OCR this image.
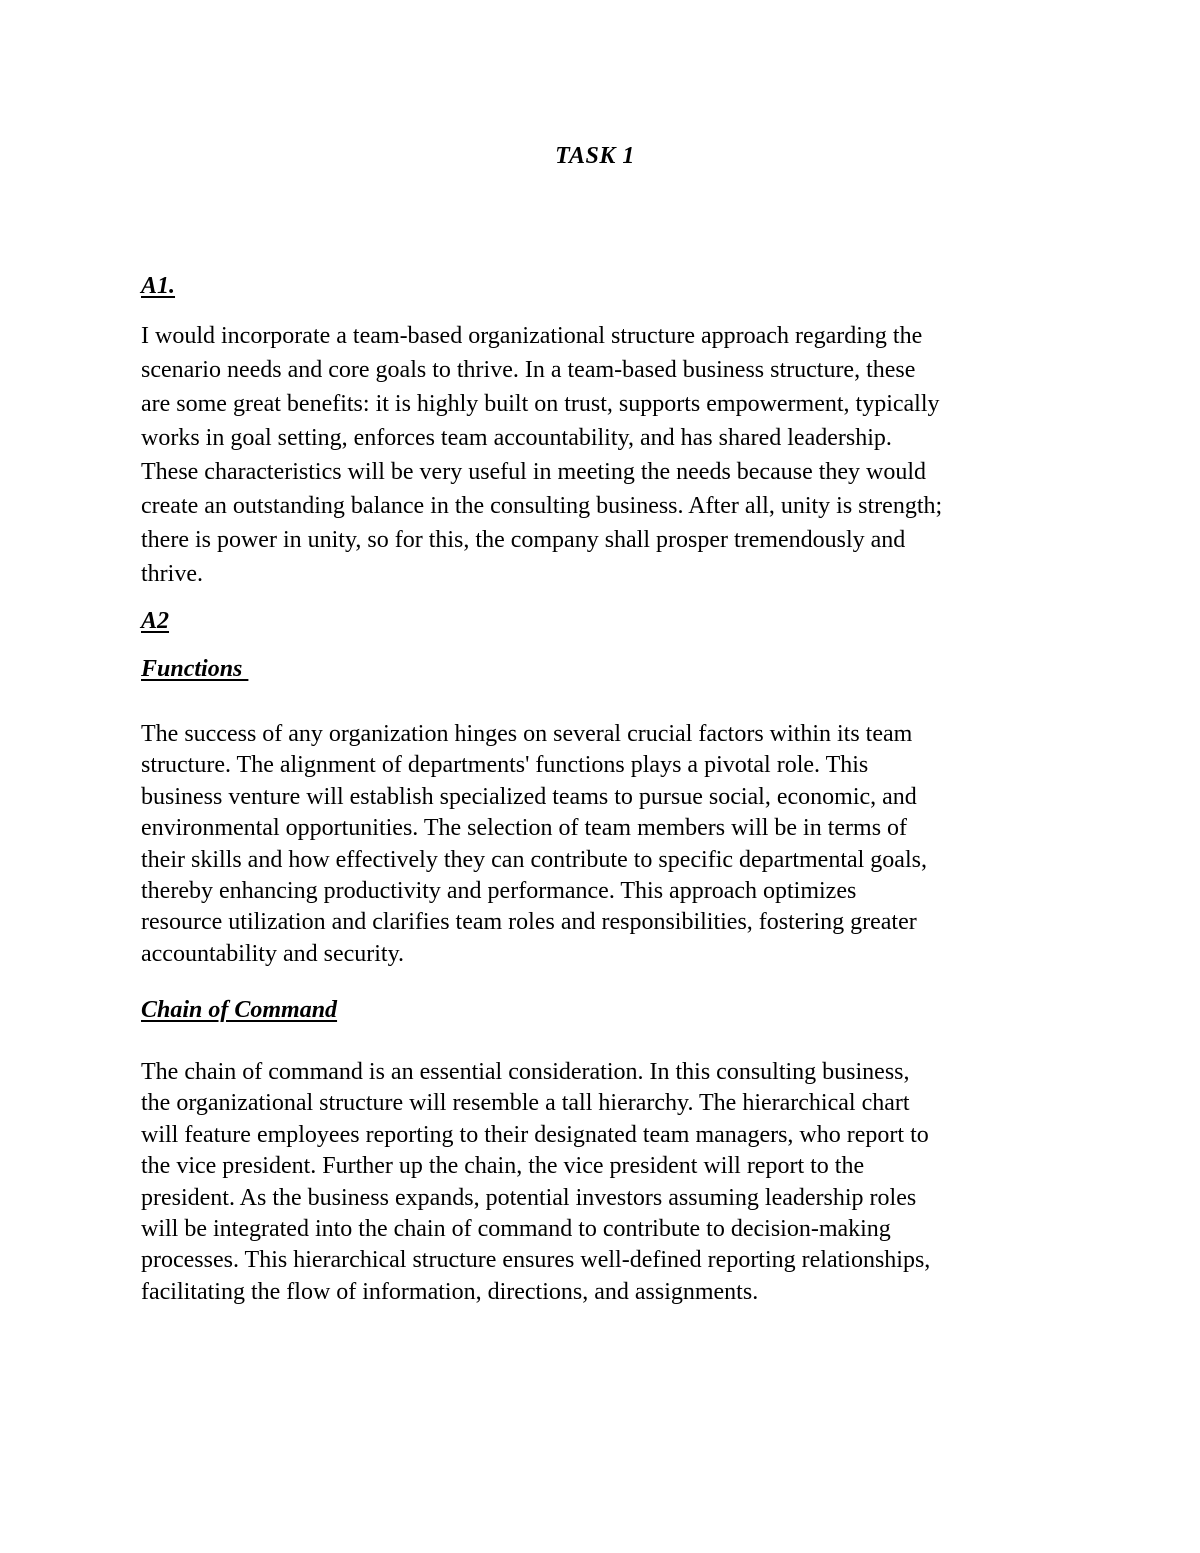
TASK 1
A1.

I would incorporate a team-based organizational structure approach regarding the
scenario needs and core goals to thrive. In a team-based business structure, these
are some great benefits: it is highly built on trust, supports empowerment, typically
works in goal setting, enforces team accountability, and has shared leadership.
These characteristics will be very useful in meeting the needs because they would
create an outstanding balance in the consulting business. After all, unity is strength;
there is power in unity, so for this, the company shall prosper tremendously and
thrive.

A2
Functions

The success of any organization hinges on several crucial factors within its team
structure. The alignment of departments' functions plays a pivotal role. This
business venture will establish specialized teams to pursue social, economic, and
environmental opportunities. The selection of team members will be in terms of
their skills and how effectively they can contribute to specific departmental goals,
thereby enhancing productivity and performance. This approach optimizes
resource utilization and clarifies team roles and responsibilities, fostering greater
accountability and security.

Chain of Command

The chain of command is an essential consideration. In this consulting business,
the organizational structure will resemble a tall hierarchy. The hierarchical chart
will feature employees reporting to their designated team managers, who report to
the vice president. Further up the chain, the vice president will report to the
president. As the business expands, potential investors assuming leadership roles
will be integrated into the chain of command to contribute to decision-making
processes. This hierarchical structure ensures well-defined reporting relationships,
facilitating the flow of information, directions, and assignments.
